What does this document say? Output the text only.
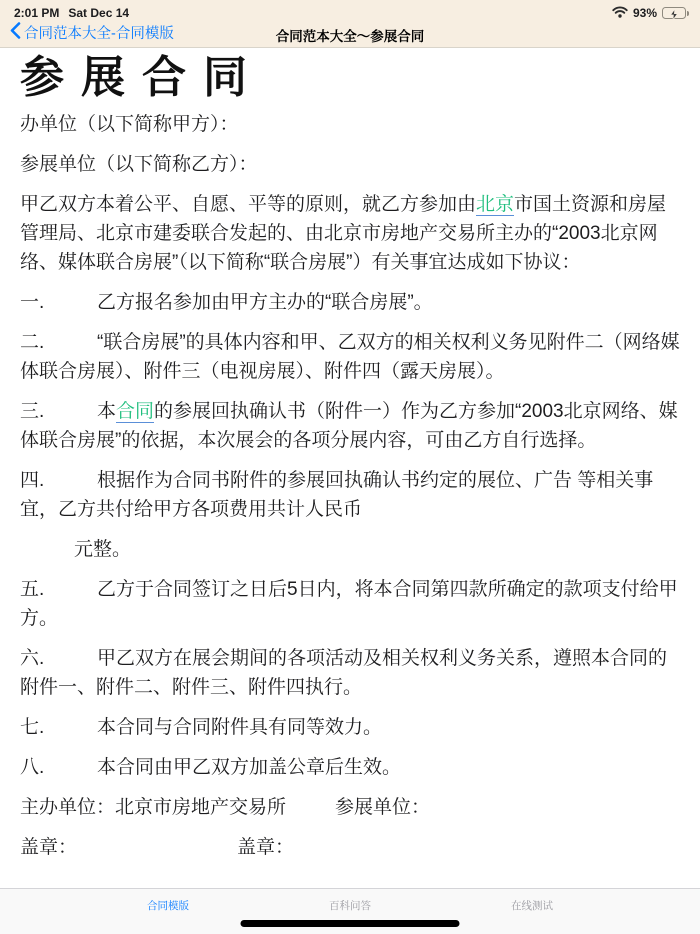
2:01 PM Sat Dec 14	93%
合同范本大全-合同模版	合同范本大全～参展合同
参展合同

办单位（以下简称甲方）：

参展单位（以下简称乙方）：

甲乙双方本着公平、自愿、平等的原则，就乙方参加由北京市国土资源和房屋管理局、北京市建委联合发起的、由北京市房地产交易所主办的“2003北京网络、媒体联合房展”（以下简称“联合房展”）有关事宜达成如下协议：

一.	乙方报名参加由甲方主办的“联合房展”。

二.	“联合房展”的具体内容和甲、乙双方的相关权利义务见附件二（网络媒体联合房展）、附件三（电视房展）、附件四（露天房展）。

三.	本合同的参展回执确认书（附件一）作为乙方参加“2003北京网络、媒体联合房展”的依据，本次展会的各项分展内容，可由乙方自行选择。

四.	根据作为合同书附件的参展回执确认书约定的展位、广告 等相关事宜，乙方共付给甲方各项费用共计人民币

元整。

五.	乙方于合同签订之日后5日内，将本合同第四款所确定的款项支付给甲方。

六.	甲乙双方在展会期间的各项活动及相关权利义务关系，遵照本合同的附件一、附件二、附件三、附件四执行。

七.	本合同与合同附件具有同等效力。

八.	本合同由甲乙双方加盖公章后生效。

主办单位：北京市房地产交易所	参展单位：

盖章：	盖章：

合同模版	百科问答	在线测试
